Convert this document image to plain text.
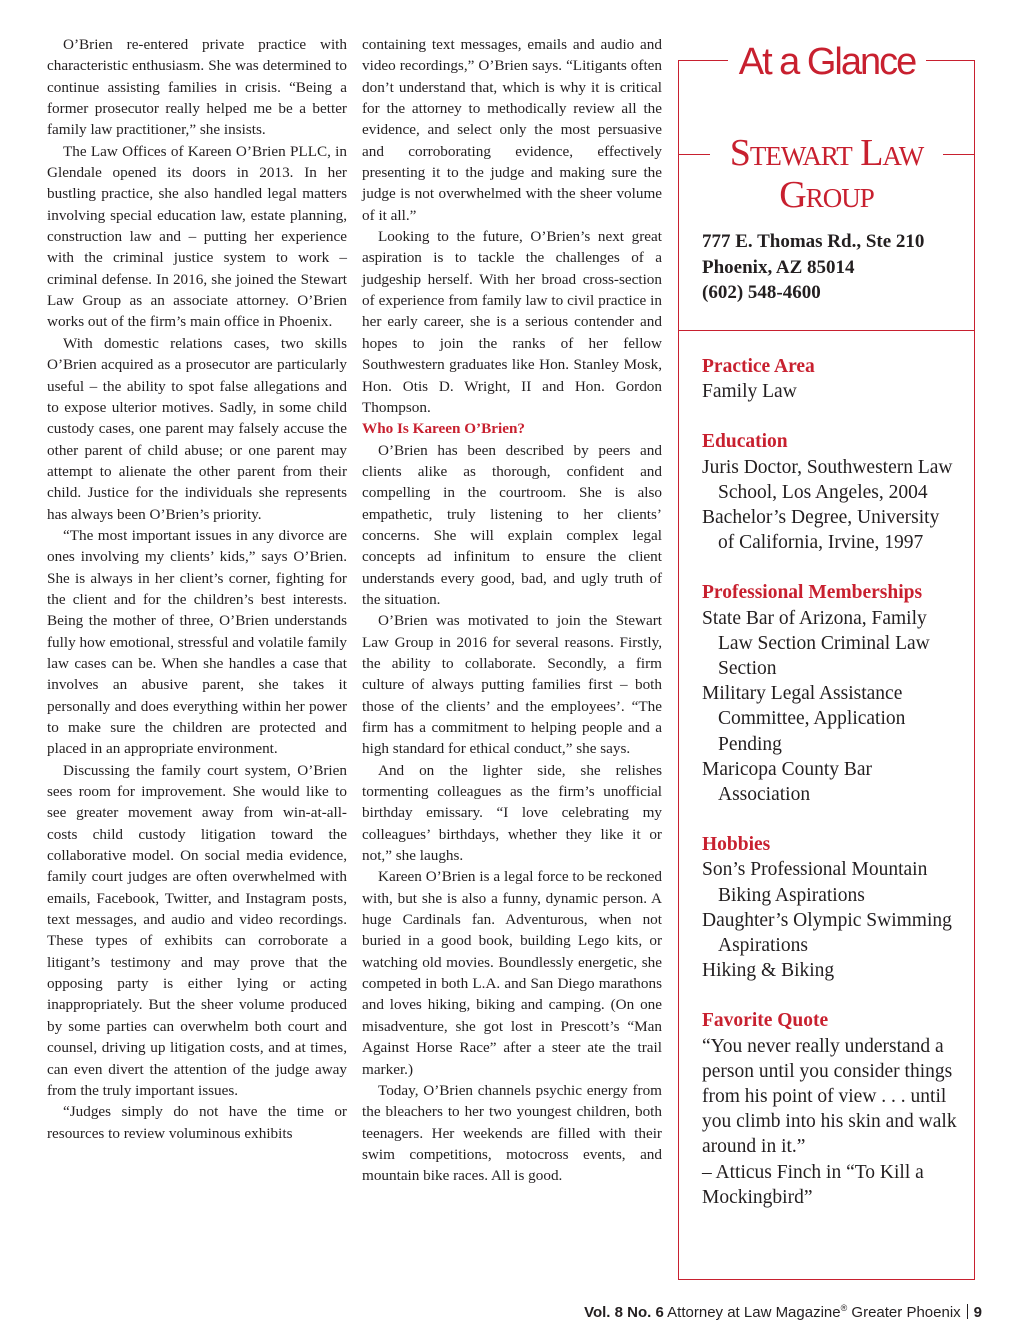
O’Brien re-entered private practice with characteristic enthusiasm. She was determined to continue assisting families in crisis. “Being a former prosecutor really helped me be a better family law practitioner,” she insists.

The Law Offices of Kareen O’Brien PLLC, in Glendale opened its doors in 2013. In her bustling practice, she also handled legal matters involving special education law, estate planning, construction law and – putting her experience with the criminal justice system to work – criminal defense. In 2016, she joined the Stewart Law Group as an associate attorney. O’Brien works out of the firm’s main office in Phoenix.

With domestic relations cases, two skills O’Brien acquired as a prosecutor are particularly useful – the ability to spot false allegations and to expose ulterior motives. Sadly, in some child custody cases, one parent may falsely accuse the other parent of child abuse; or one parent may attempt to alienate the other parent from their child. Justice for the individuals she represents has always been O’Brien’s priority.

“The most important issues in any divorce are ones involving my clients’ kids,” says O’Brien. She is always in her client’s corner, fighting for the client and for the children’s best interests. Being the mother of three, O’Brien understands fully how emotional, stressful and volatile family law cases can be. When she handles a case that involves an abusive parent, she takes it personally and does everything within her power to make sure the children are protected and placed in an appropriate environment.

Discussing the family court system, O’Brien sees room for improvement. She would like to see greater movement away from win-at-all-costs child custody litigation toward the collaborative model. On social media evidence, family court judges are often overwhelmed with emails, Facebook, Twitter, and Instagram posts, text messages, and audio and video recordings. These types of exhibits can corroborate a litigant’s testimony and may prove that the opposing party is either lying or acting inappropriately. But the sheer volume produced by some parties can overwhelm both court and counsel, driving up litigation costs, and at times, can even divert the attention of the judge away from the truly important issues.

“Judges simply do not have the time or resources to review voluminous exhibits

containing text messages, emails and audio and video recordings,” O’Brien says. “Litigants often don’t understand that, which is why it is critical for the attorney to methodically review all the evidence, and select only the most persuasive and corroborating evidence, effectively presenting it to the judge and making sure the judge is not overwhelmed with the sheer volume of it all.”

Looking to the future, O’Brien’s next great aspiration is to tackle the challenges of a judgeship herself. With her broad cross-section of experience from family law to civil practice in her early career, she is a serious contender and hopes to join the ranks of her fellow Southwestern graduates like Hon. Stanley Mosk, Hon. Otis D. Wright, II and Hon. Gordon Thompson.

Who Is Kareen O’Brien?

O’Brien has been described by peers and clients alike as thorough, confident and compelling in the courtroom. She is also empathetic, truly listening to her clients’ concerns. She will explain complex legal concepts ad infinitum to ensure the client understands every good, bad, and ugly truth of the situation.

O’Brien was motivated to join the Stewart Law Group in 2016 for several reasons. Firstly, the ability to collaborate. Secondly, a firm culture of always putting families first – both those of the clients’ and the employees’. “The firm has a commitment to helping people and a high standard for ethical conduct,” she says.

And on the lighter side, she relishes tormenting colleagues as the firm’s unofficial birthday emissary. “I love celebrating my colleagues’ birthdays, whether they like it or not,” she laughs.

Kareen O’Brien is a legal force to be reckoned with, but she is also a funny, dynamic person. A huge Cardinals fan. Adventurous, when not buried in a good book, building Lego kits, or watching old movies. Boundlessly energetic, she competed in both L.A. and San Diego marathons and loves hiking, biking and camping. (On one misadventure, she got lost in Prescott’s “Man Against Horse Race” after a steer ate the trail marker.)

Today, O’Brien channels psychic energy from the bleachers to her two youngest children, both teenagers. Her weekends are filled with their swim competitions, motocross events, and mountain bike races. All is good.

At a Glance
Stewart Law
Group
777 E. Thomas Rd., Ste 210
Phoenix, AZ 85014
(602) 548-4600
Practice Area
Family Law
Education
Juris Doctor, Southwestern Law School, Los Angeles, 2004
Bachelor’s Degree, University of California, Irvine, 1997
Professional Memberships
State Bar of Arizona, Family Law Section Criminal Law Section
Military Legal Assistance Committee, Application Pending
Maricopa County Bar Association
Hobbies
Son’s Professional Mountain Biking Aspirations
Daughter’s Olympic Swimming Aspirations
Hiking & Biking
Favorite Quote
“You never really understand a person until you consider things from his point of view . . . until you climb into his skin and walk around in it.”
– Atticus Finch in “To Kill a Mockingbird”
Vol. 8 No. 6 Attorney at Law Magazine® Greater Phoenix 9
